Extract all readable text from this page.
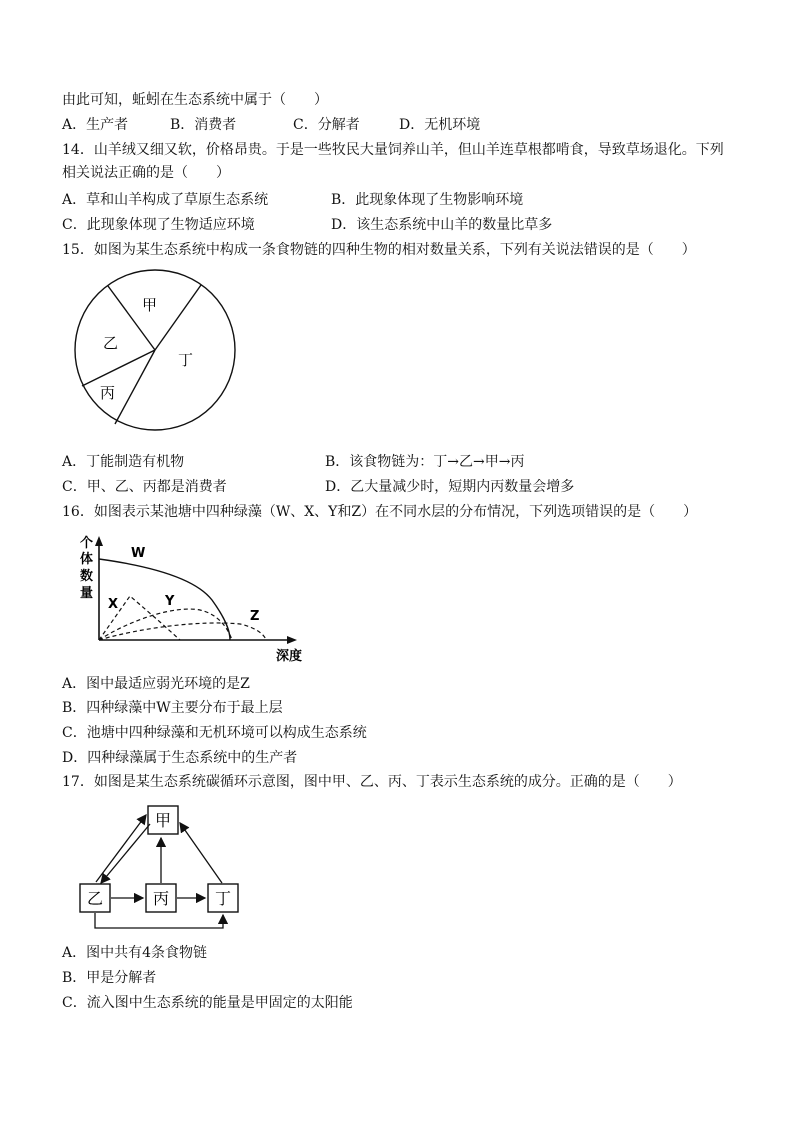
由此可知，蚯蚓在生态系统中属于（　　）
A．生产者	B．消费者	C．分解者	D．无机环境
14．山羊绒又细又软，价格昂贵。于是一些牧民大量饲养山羊，但山羊连草根都啃食，导致草场退化。下列
相关说法正确的是（　　）
A．草和山羊构成了草原生态系统	B．此现象体现了生物影响环境
C．此现象体现了生物适应环境	D．该生态系统中山羊的数量比草多
15．如图为某生态系统中构成一条食物链的四种生物的相对数量关系，下列有关说法错误的是（　　）
甲
乙
丙
丁
A．丁能制造有机物	B．该食物链为：丁→乙→甲→丙
C．甲、乙、丙都是消费者	D．乙大量减少时，短期内丙数量会增多
16．如图表示某池塘中四种绿藻（W、X、Y和Z）在不同水层的分布情况，下列选项错误的是（　　）
个
体
数
量
深度
W
X	Y
Z
A．图中最适应弱光环境的是Z
B．四种绿藻中W主要分布于最上层
C．池塘中四种绿藻和无机环境可以构成生态系统
D．四种绿藻属于生态系统中的生产者
17．如图是某生态系统碳循环示意图，图中甲、乙、丙、丁表示生态系统的成分。正确的是（　　）
甲
乙	丙	丁
A．图中共有4条食物链
B．甲是分解者
C．流入图中生态系统的能量是甲固定的太阳能
